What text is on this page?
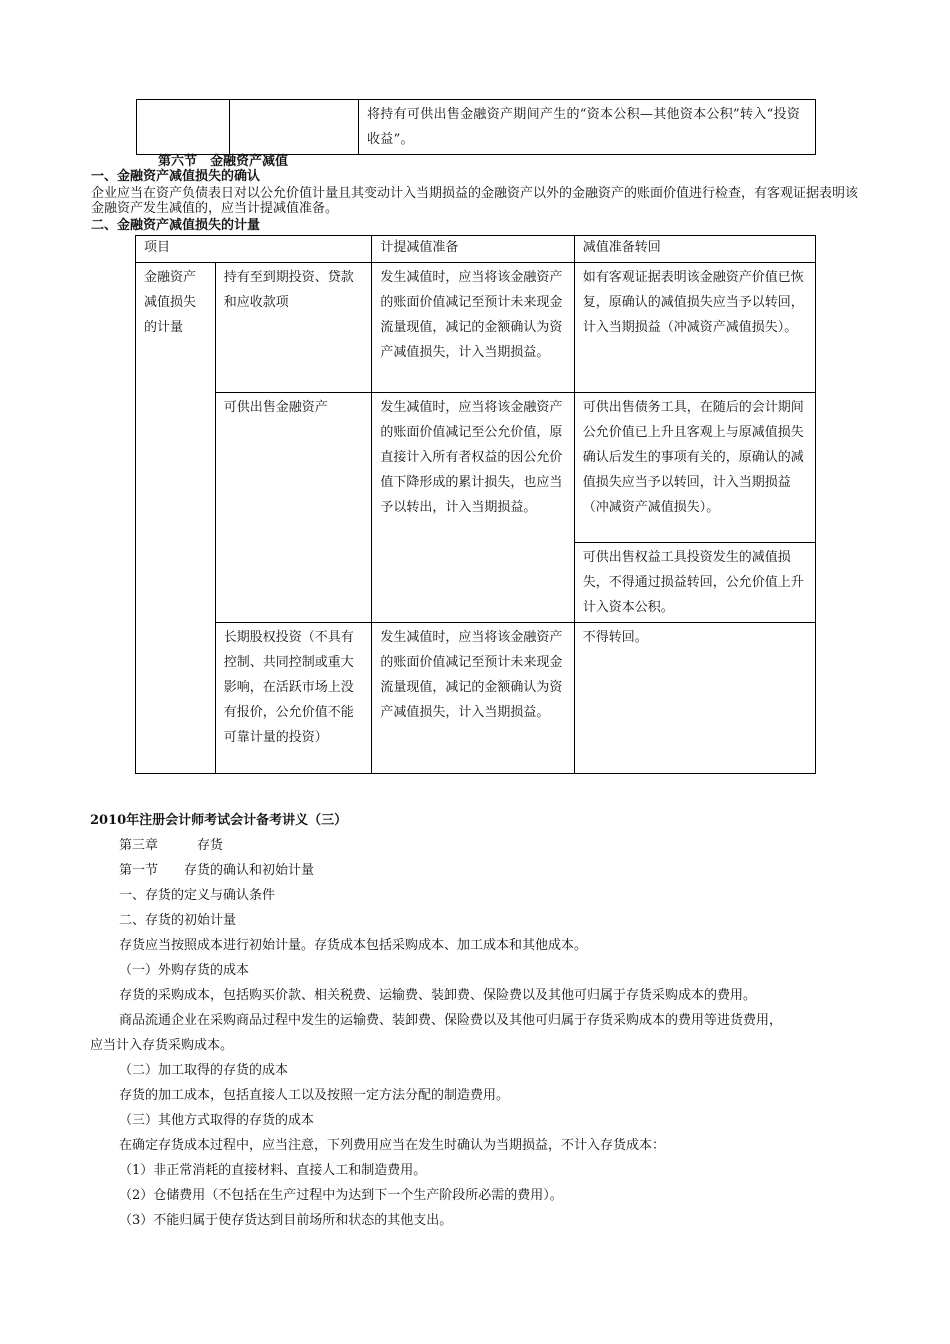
		将持有可供出售金融资产期间产生的“资本公积—其他资本公积”转入“投资收益”。
第六节　金融资产减值
一、金融资产减值损失的确认
企业应当在资产负债表日对以公允价值计量且其变动计入当期损益的金融资产以外的金融资产的账面价值进行检查，有客观证据表明该金融资产发生减值的，应当计提减值准备。
二、金融资产减值损失的计量
项目		计提减值准备	减值准备转回
金融资产减值损失的计量	持有至到期投资、贷款和应收款项	发生减值时，应当将该金融资产的账面价值减记至预计未来现金流量现值，减记的金额确认为资产减值损失，计入当期损益。	如有客观证据表明该金融资产价值已恢复，原确认的减值损失应当予以转回，计入当期损益（冲减资产减值损失）。
	可供出售金融资产	发生减值时，应当将该金融资产的账面价值减记至公允价值，原直接计入所有者权益的因公允价值下降形成的累计损失，也应当予以转出，计入当期损益。	可供出售债务工具，在随后的会计期间公允价值已上升且客观上与原减值损失确认后发生的事项有关的，原确认的减值损失应当予以转回，计入当期损益（冲减资产减值损失）。
			可供出售权益工具投资发生的减值损失，不得通过损益转回，公允价值上升计入资本公积。
	长期股权投资（不具有控制、共同控制或重大影响，在活跃市场上没有报价，公允价值不能可靠计量的投资）	发生减值时，应当将该金融资产的账面价值减记至预计未来现金流量现值，减记的金额确认为资产减值损失，计入当期损益。	不得转回。
2010年注册会计师考试会计备考讲义（三）
第三章　　　存货
第一节　　存货的确认和初始计量
一、存货的定义与确认条件
二、存货的初始计量
存货应当按照成本进行初始计量。存货成本包括采购成本、加工成本和其他成本。
（一）外购存货的成本
存货的采购成本，包括购买价款、相关税费、运输费、装卸费、保险费以及其他可归属于存货采购成本的费用。
商品流通企业在采购商品过程中发生的运输费、装卸费、保险费以及其他可归属于存货采购成本的费用等进货费用，
应当计入存货采购成本。
（二）加工取得的存货的成本
存货的加工成本，包括直接人工以及按照一定方法分配的制造费用。
（三）其他方式取得的存货的成本
在确定存货成本过程中，应当注意，下列费用应当在发生时确认为当期损益，不计入存货成本：
（1）非正常消耗的直接材料、直接人工和制造费用。
（2）仓储费用（不包括在生产过程中为达到下一个生产阶段所必需的费用）。
（3）不能归属于使存货达到目前场所和状态的其他支出。
